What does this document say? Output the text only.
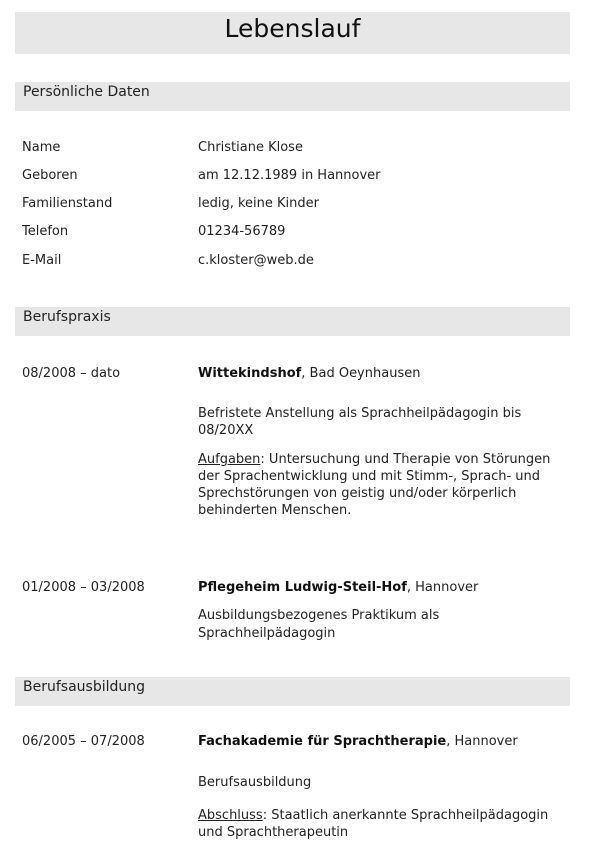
Lebenslauf
Persönliche Daten
Name	Christiane Klose
Geboren	am 12.12.1989 in Hannover
Familienstand	ledig, keine Kinder
Telefon	01234-56789
E-Mail	c.kloster@web.de
Berufspraxis
08/2008 – dato	Wittekindshof, Bad Oeynhausen
Befristete Anstellung als Sprachheilpädagogin bis 08/20XX
Aufgaben: Untersuchung und Therapie von Störungen der Sprachentwicklung und mit Stimm-, Sprach- und Sprechstörungen von geistig und/oder körperlich behinderten Menschen.
01/2008 – 03/2008	Pflegeheim Ludwig-Steil-Hof, Hannover
Ausbildungsbezogenes Praktikum als Sprachheilpädagogin
Berufsausbildung
06/2005 – 07/2008	Fachakademie für Sprachtherapie, Hannover
Berufsausbildung
Abschluss: Staatlich anerkannte Sprachheilpädagogin und Sprachtherapeutin
